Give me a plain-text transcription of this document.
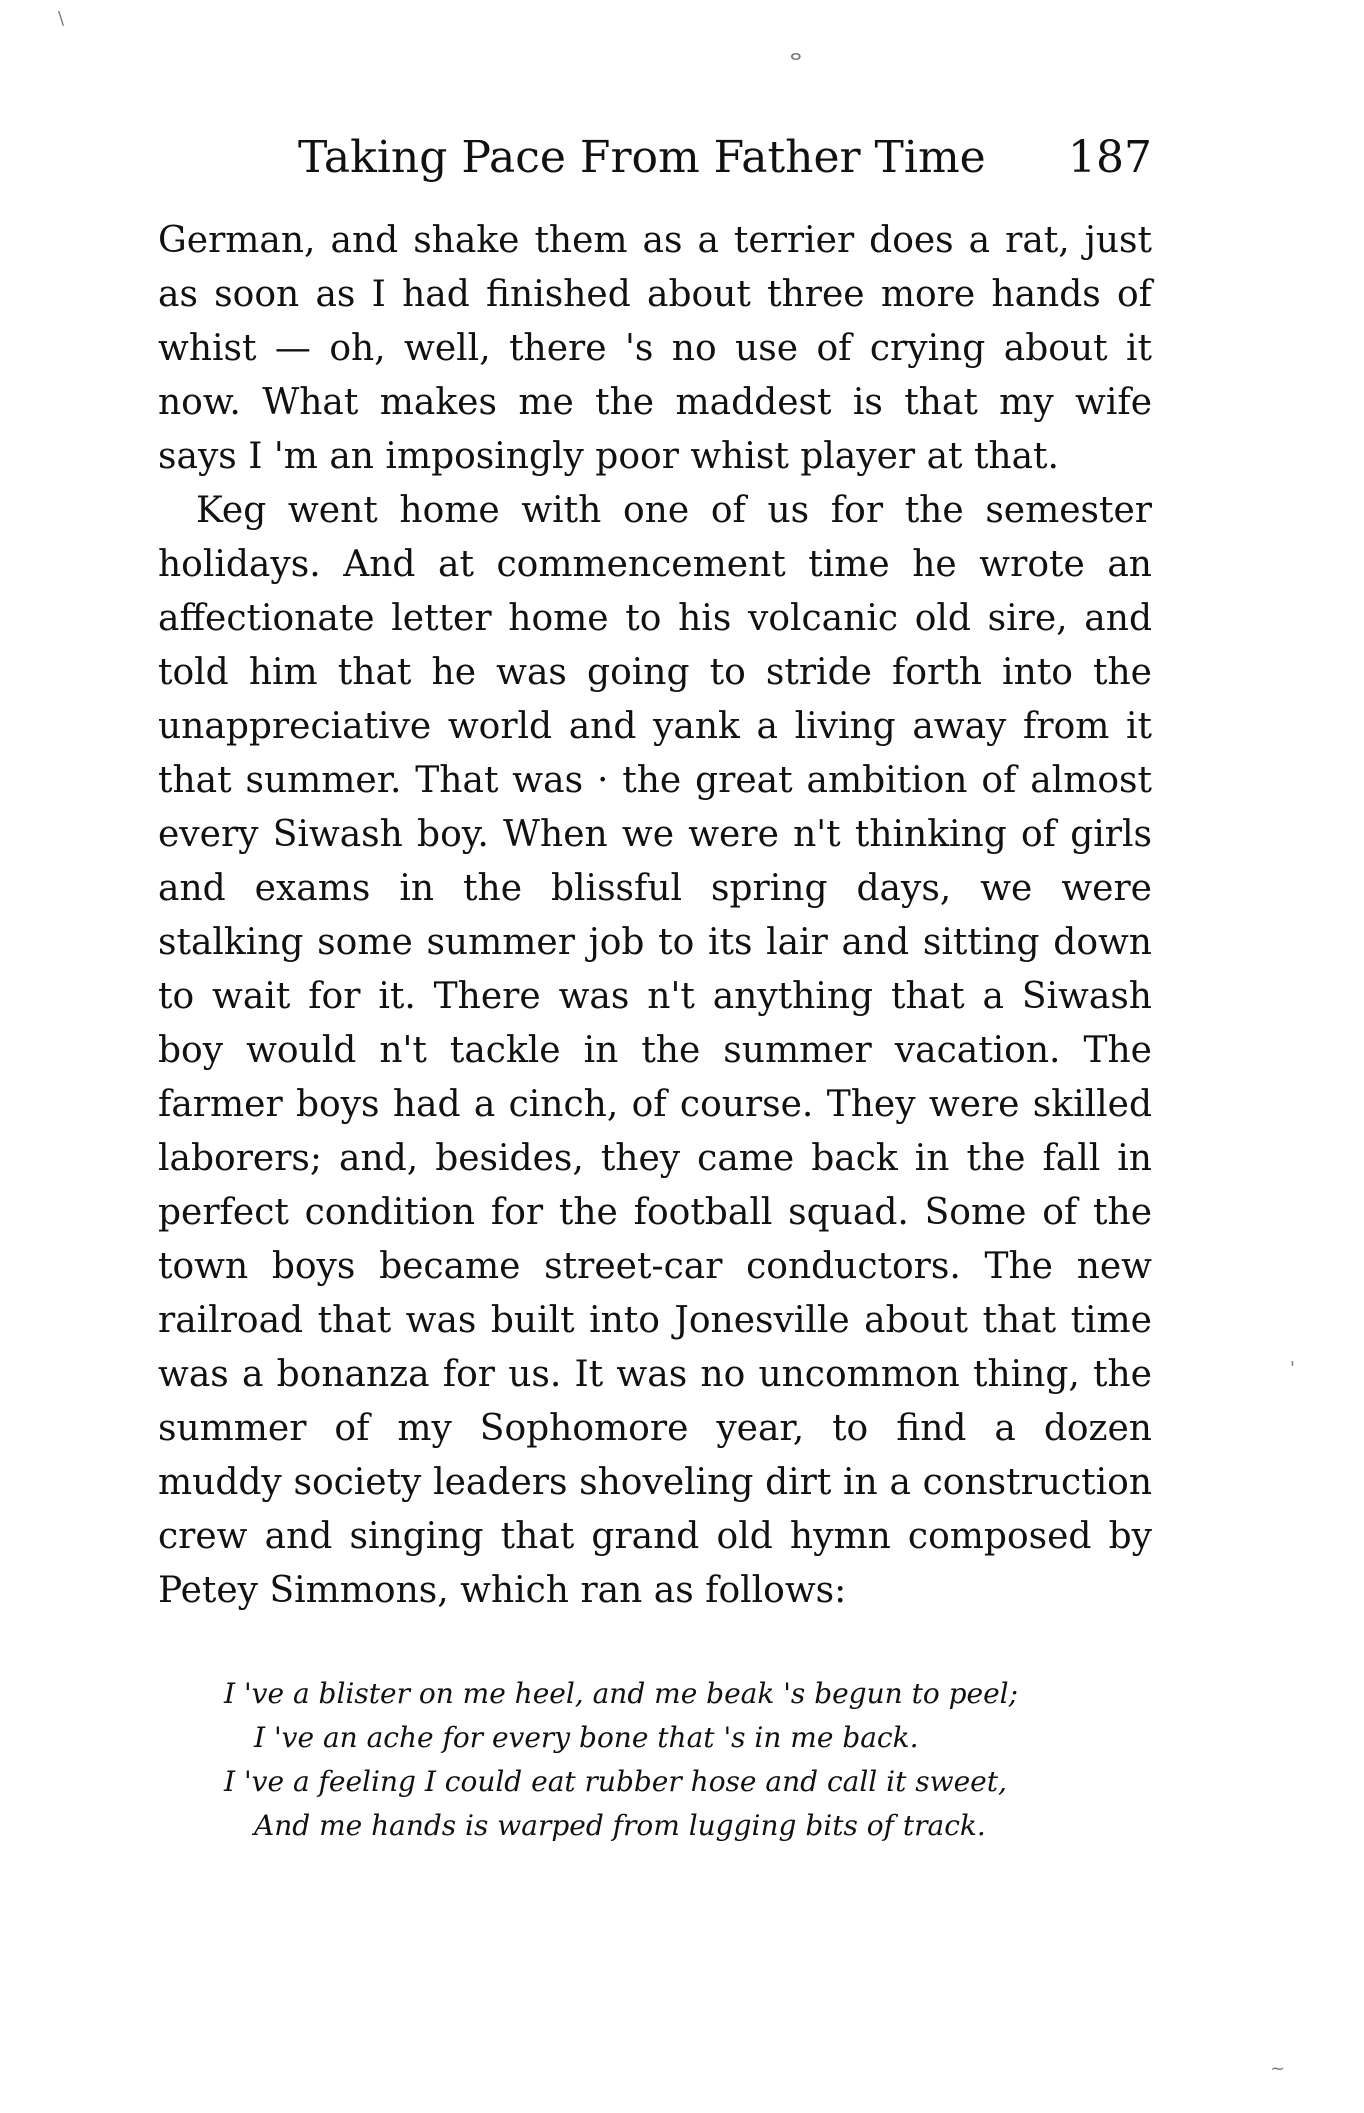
\
ⴰ
'
~
Taking Pace From Father Time 187

German, and shake them as a terrier does a rat, just as soon as I had finished about three more hands of whist — oh, well, there 's no use of crying about it now. What makes me the maddest is that my wife says I 'm an imposingly poor whist player at that.

Keg went home with one of us for the semester holidays. And at commencement time he wrote an affectionate letter home to his volcanic old sire, and told him that he was going to stride forth into the unappreciative world and yank a living away from it that summer. That was · the great ambition of almost every Siwash boy. When we were n't thinking of girls and exams in the blissful spring days, we were stalking some summer job to its lair and sitting down to wait for it. There was n't anything that a Siwash boy would n't tackle in the summer vacation. The farmer boys had a cinch, of course. They were skilled laborers; and, besides, they came back in the fall in perfect condition for the football squad. Some of the town boys became street-car conductors. The new railroad that was built into Jonesville about that time was a bonanza for us. It was no uncommon thing, the summer of my Sophomore year, to find a dozen muddy society leaders shoveling dirt in a construction crew and singing that grand old hymn composed by Petey Simmons, which ran as follows:

I 've a blister on me heel, and me beak 's begun to peel;
I 've an ache for every bone that 's in me back.
I 've a feeling I could eat rubber hose and call it sweet,
And me hands is warped from lugging bits of track.
